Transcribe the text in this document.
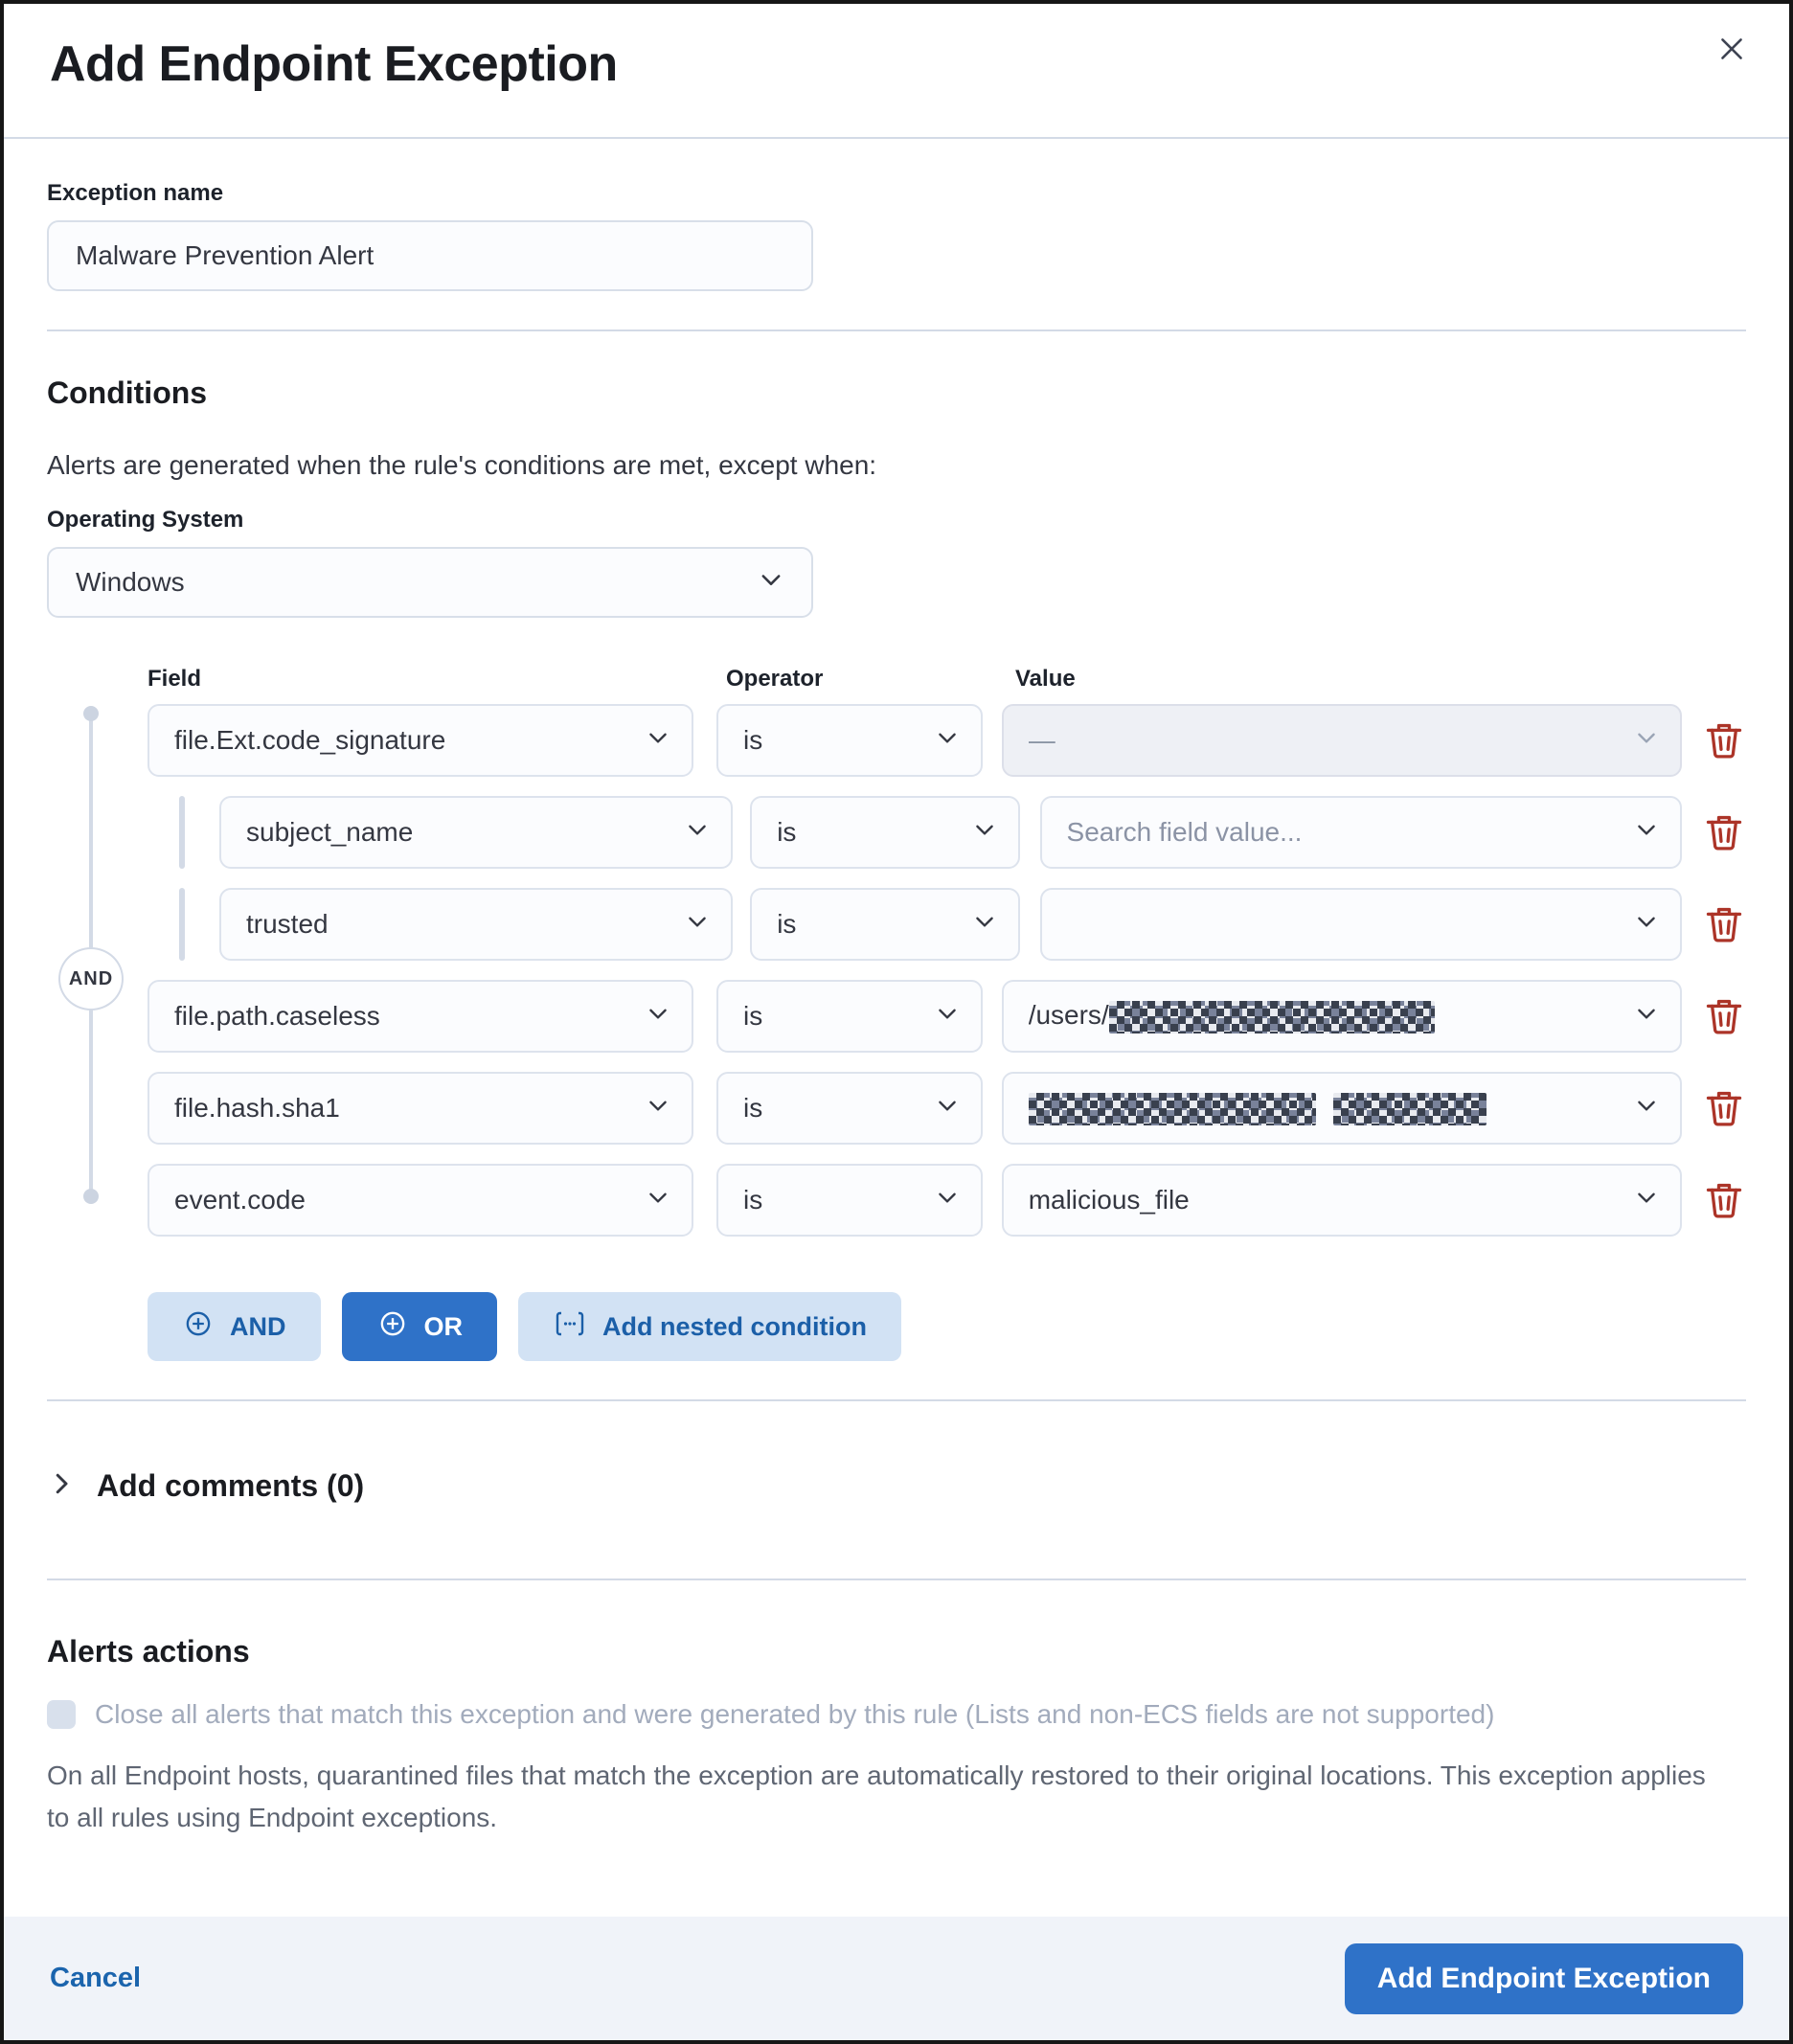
Add Endpoint Exception
Exception name
Malware Prevention Alert
Conditions

Alerts are generated when the rule's conditions are met, except when:

Operating System
Windows
Field	Operator	Value
AND
file.Ext.code_signature	is	—
subject_name	is	Search field value...
trusted	is
file.path.caseless	is	/users/
file.hash.sha1	is
event.code	is	malicious_file
AND	OR	Add nested condition
Add comments (0)
Alerts actions
Close all alerts that match this exception and were generated by this rule (Lists and non-ECS fields are not supported)

On all Endpoint hosts, quarantined files that match the exception are automatically restored to their original locations. This exception applies to all rules using Endpoint exceptions.

Cancel	Add Endpoint Exception
